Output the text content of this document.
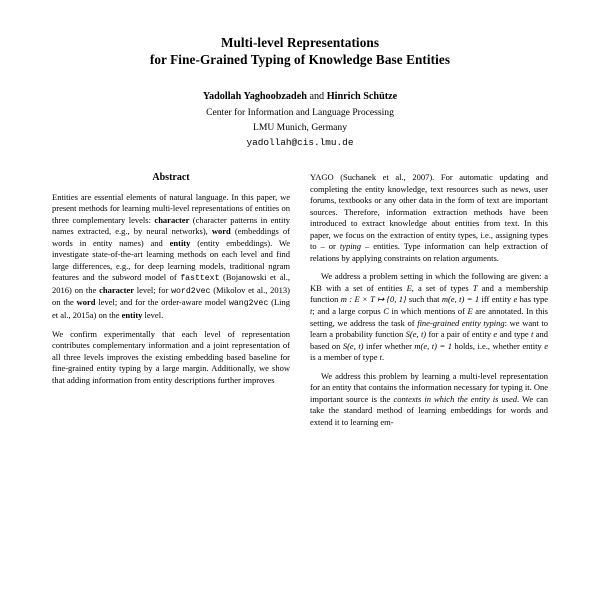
Multi-level Representations
for Fine-Grained Typing of Knowledge Base Entities
Yadollah Yaghoobzadeh and Hinrich Schütze
Center for Information and Language Processing
LMU Munich, Germany
yadollah@cis.lmu.de
Abstract

Entities are essential elements of natural language. In this paper, we present methods for learning multi-level representations of entities on three complementary levels: character (character patterns in entity names extracted, e.g., by neural networks), word (embeddings of words in entity names) and entity (entity embeddings). We investigate state-of-the-art learning methods on each level and find large differences, e.g., for deep learning models, traditional ngram features and the subword model of fasttext (Bojanowski et al., 2016) on the character level; for word2vec (Mikolov et al., 2013) on the word level; and for the order-aware model wang2vec (Ling et al., 2015a) on the entity level.

We confirm experimentally that each level of representation contributes complementary information and a joint representation of all three levels improves the existing embedding based baseline for fine-grained entity typing by a large margin. Additionally, we show that adding information from entity descriptions further improves

YAGO (Suchanek et al., 2007). For automatic updating and completing the entity knowledge, text resources such as news, user forums, textbooks or any other data in the form of text are important sources. Therefore, information extraction methods have been introduced to extract knowledge about entities from text. In this paper, we focus on the extraction of entity types, i.e., assigning types to – or typing – entities. Type information can help extraction of relations by applying constraints on relation arguments.

We address a problem setting in which the following are given: a KB with a set of entities E, a set of types T and a membership function m : E × T ↦ {0, 1} such that m(e, t) = 1 iff entity e has type t; and a large corpus C in which mentions of E are annotated. In this setting, we address the task of fine-grained entity typing: we want to learn a probability function S(e, t) for a pair of entity e and type t and based on S(e, t) infer whether m(e, t) = 1 holds, i.e., whether entity e is a member of type t.

We address this problem by learning a multi-level representation for an entity that contains the information necessary for typing it. One important source is the contexts in which the entity is used. We can take the standard method of learning embeddings for words and extend it to learning em-
